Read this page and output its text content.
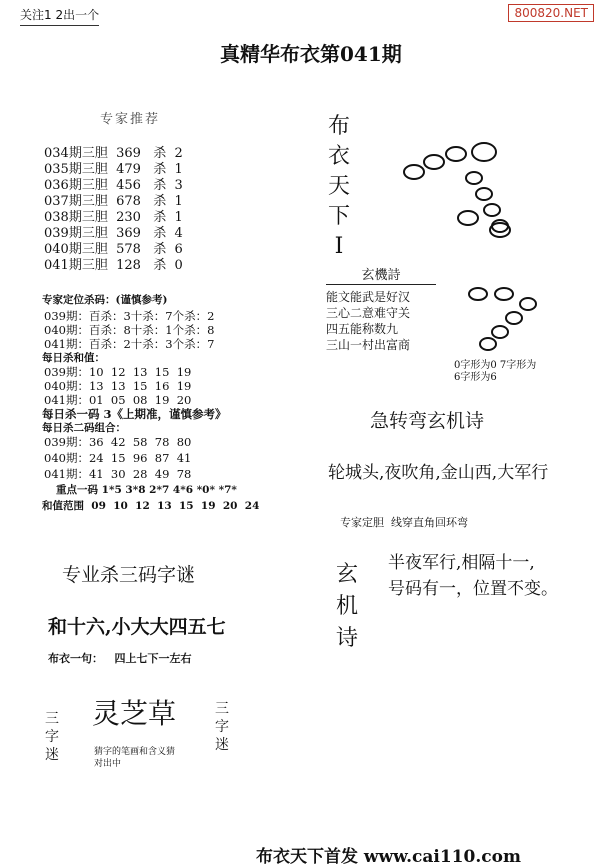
关注1 2出一个	800820.NET
真精华布衣第041期
专家推荐
034期三胆  369   杀  2
035期三胆  479   杀  1
036期三胆  456   杀  3
037期三胆  678   杀  1
038期三胆  230   杀  1
039期三胆  369   杀  4
040期三胆  578   杀  6
041期三胆  128   杀  0
专家定位杀码：(谨慎参考)
039期：百杀：3十杀：7个杀：2
040期：百杀：8十杀：1个杀：8
041期：百杀：2十杀：3个杀：7
每日杀和值：
039期：10  12  13  15  19
040期：13  13  15  16  19
041期：01  05  08  19  20
每日杀一码 3《上期准，谨慎参考》
每日杀二码组合：
039期：36  42  58  78  80
040期：24  15  96  87  41
041期：41  30  28  49  78
重点一码 1*5 3*8 2*7 4*6 *0* *7*
和值范围  09  10  12  13  15  19  20  24
专业杀三码字谜
和十六,小大大四五七
布衣一句：   四上七下一左右
三字迷
灵芝草
猜字的笔画和含义猜
对出中
三字迷
布
衣
天
下
I
玄機詩
能文能武是好汉
三心二意难守关
四五能称数九
三山一村出富商
0字形为0 7字形为
6字形为6
急转弯玄机诗
轮城头,夜吹角,金山西,大军行
专家定胆  线穿直角回环弯
玄
机
诗
半夜军行,相隔十一,
号码有一，位置不变。
布衣天下首发 www.cai110.com
